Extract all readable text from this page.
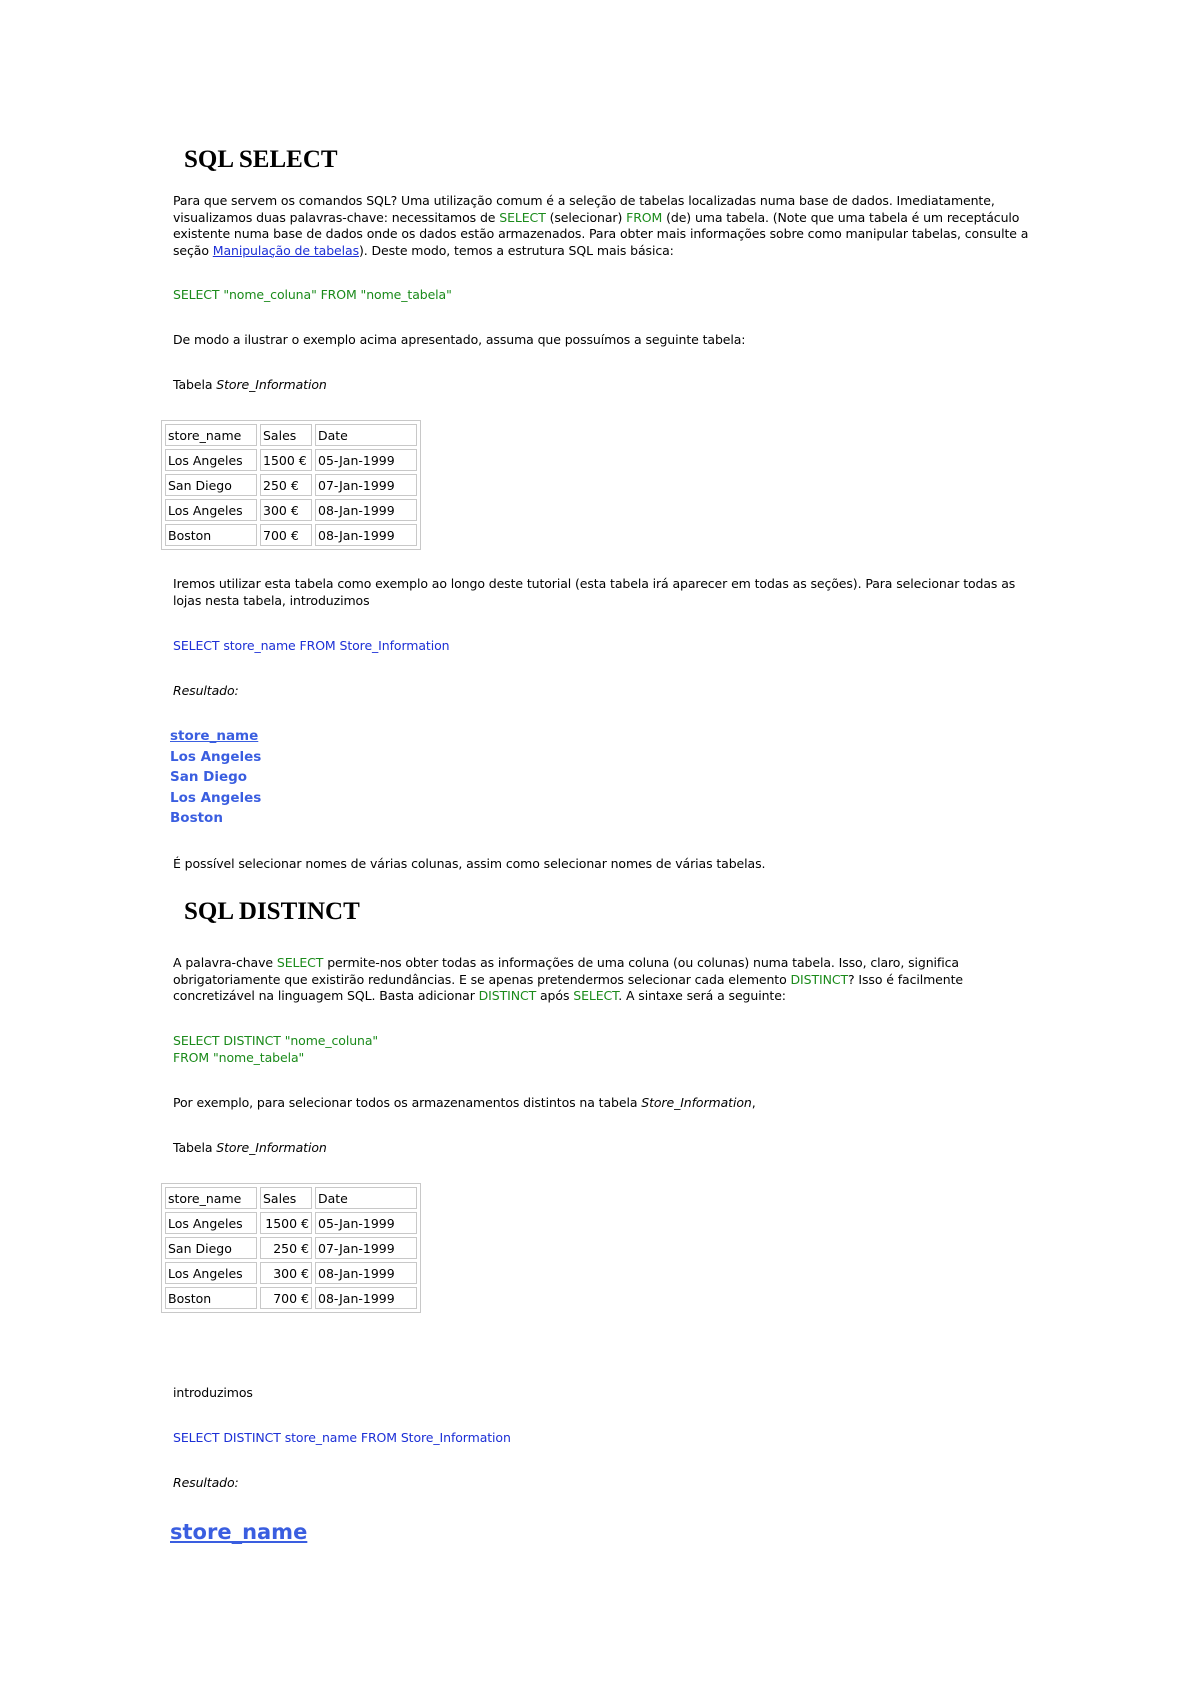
SQL SELECT

Para que servem os comandos SQL? Uma utilização comum é a seleção de tabelas localizadas numa base de dados. Imediatamente, visualizamos duas palavras-chave: necessitamos de SELECT (selecionar) FROM (de) uma tabela. (Note que uma tabela é um receptáculo existente numa base de dados onde os dados estão armazenados. Para obter mais informações sobre como manipular tabelas, consulte a seção Manipulação de tabelas). Deste modo, temos a estrutura SQL mais básica:

SELECT "nome_coluna" FROM "nome_tabela"

De modo a ilustrar o exemplo acima apresentado, assuma que possuímos a seguinte tabela:

Tabela Store_Information

store_name	Sales	Date
Los Angeles	1500 €	05-Jan-1999
San Diego	250 €	07-Jan-1999
Los Angeles	300 €	08-Jan-1999
Boston	700 €	08-Jan-1999

Iremos utilizar esta tabela como exemplo ao longo deste tutorial (esta tabela irá aparecer em todas as seções). Para selecionar todas as lojas nesta tabela, introduzimos

SELECT store_name FROM Store_Information

Resultado:

store_name
Los Angeles
San Diego
Los Angeles
Boston

É possível selecionar nomes de várias colunas, assim como selecionar nomes de várias tabelas.

SQL DISTINCT

A palavra-chave SELECT permite-nos obter todas as informações de uma coluna (ou colunas) numa tabela. Isso, claro, significa obrigatoriamente que existirão redundâncias. E se apenas pretendermos selecionar cada elemento DISTINCT? Isso é facilmente concretizável na linguagem SQL. Basta adicionar DISTINCT após SELECT. A sintaxe será a seguinte:

SELECT DISTINCT "nome_coluna"

FROM "nome_tabela"

Por exemplo, para selecionar todos os armazenamentos distintos na tabela Store_Information,

Tabela Store_Information

store_name	Sales	Date
Los Angeles	1500 €	05-Jan-1999
San Diego	250 €	07-Jan-1999
Los Angeles	300 €	08-Jan-1999
Boston	700 €	08-Jan-1999

introduzimos

SELECT DISTINCT store_name FROM Store_Information

Resultado:

store_name
